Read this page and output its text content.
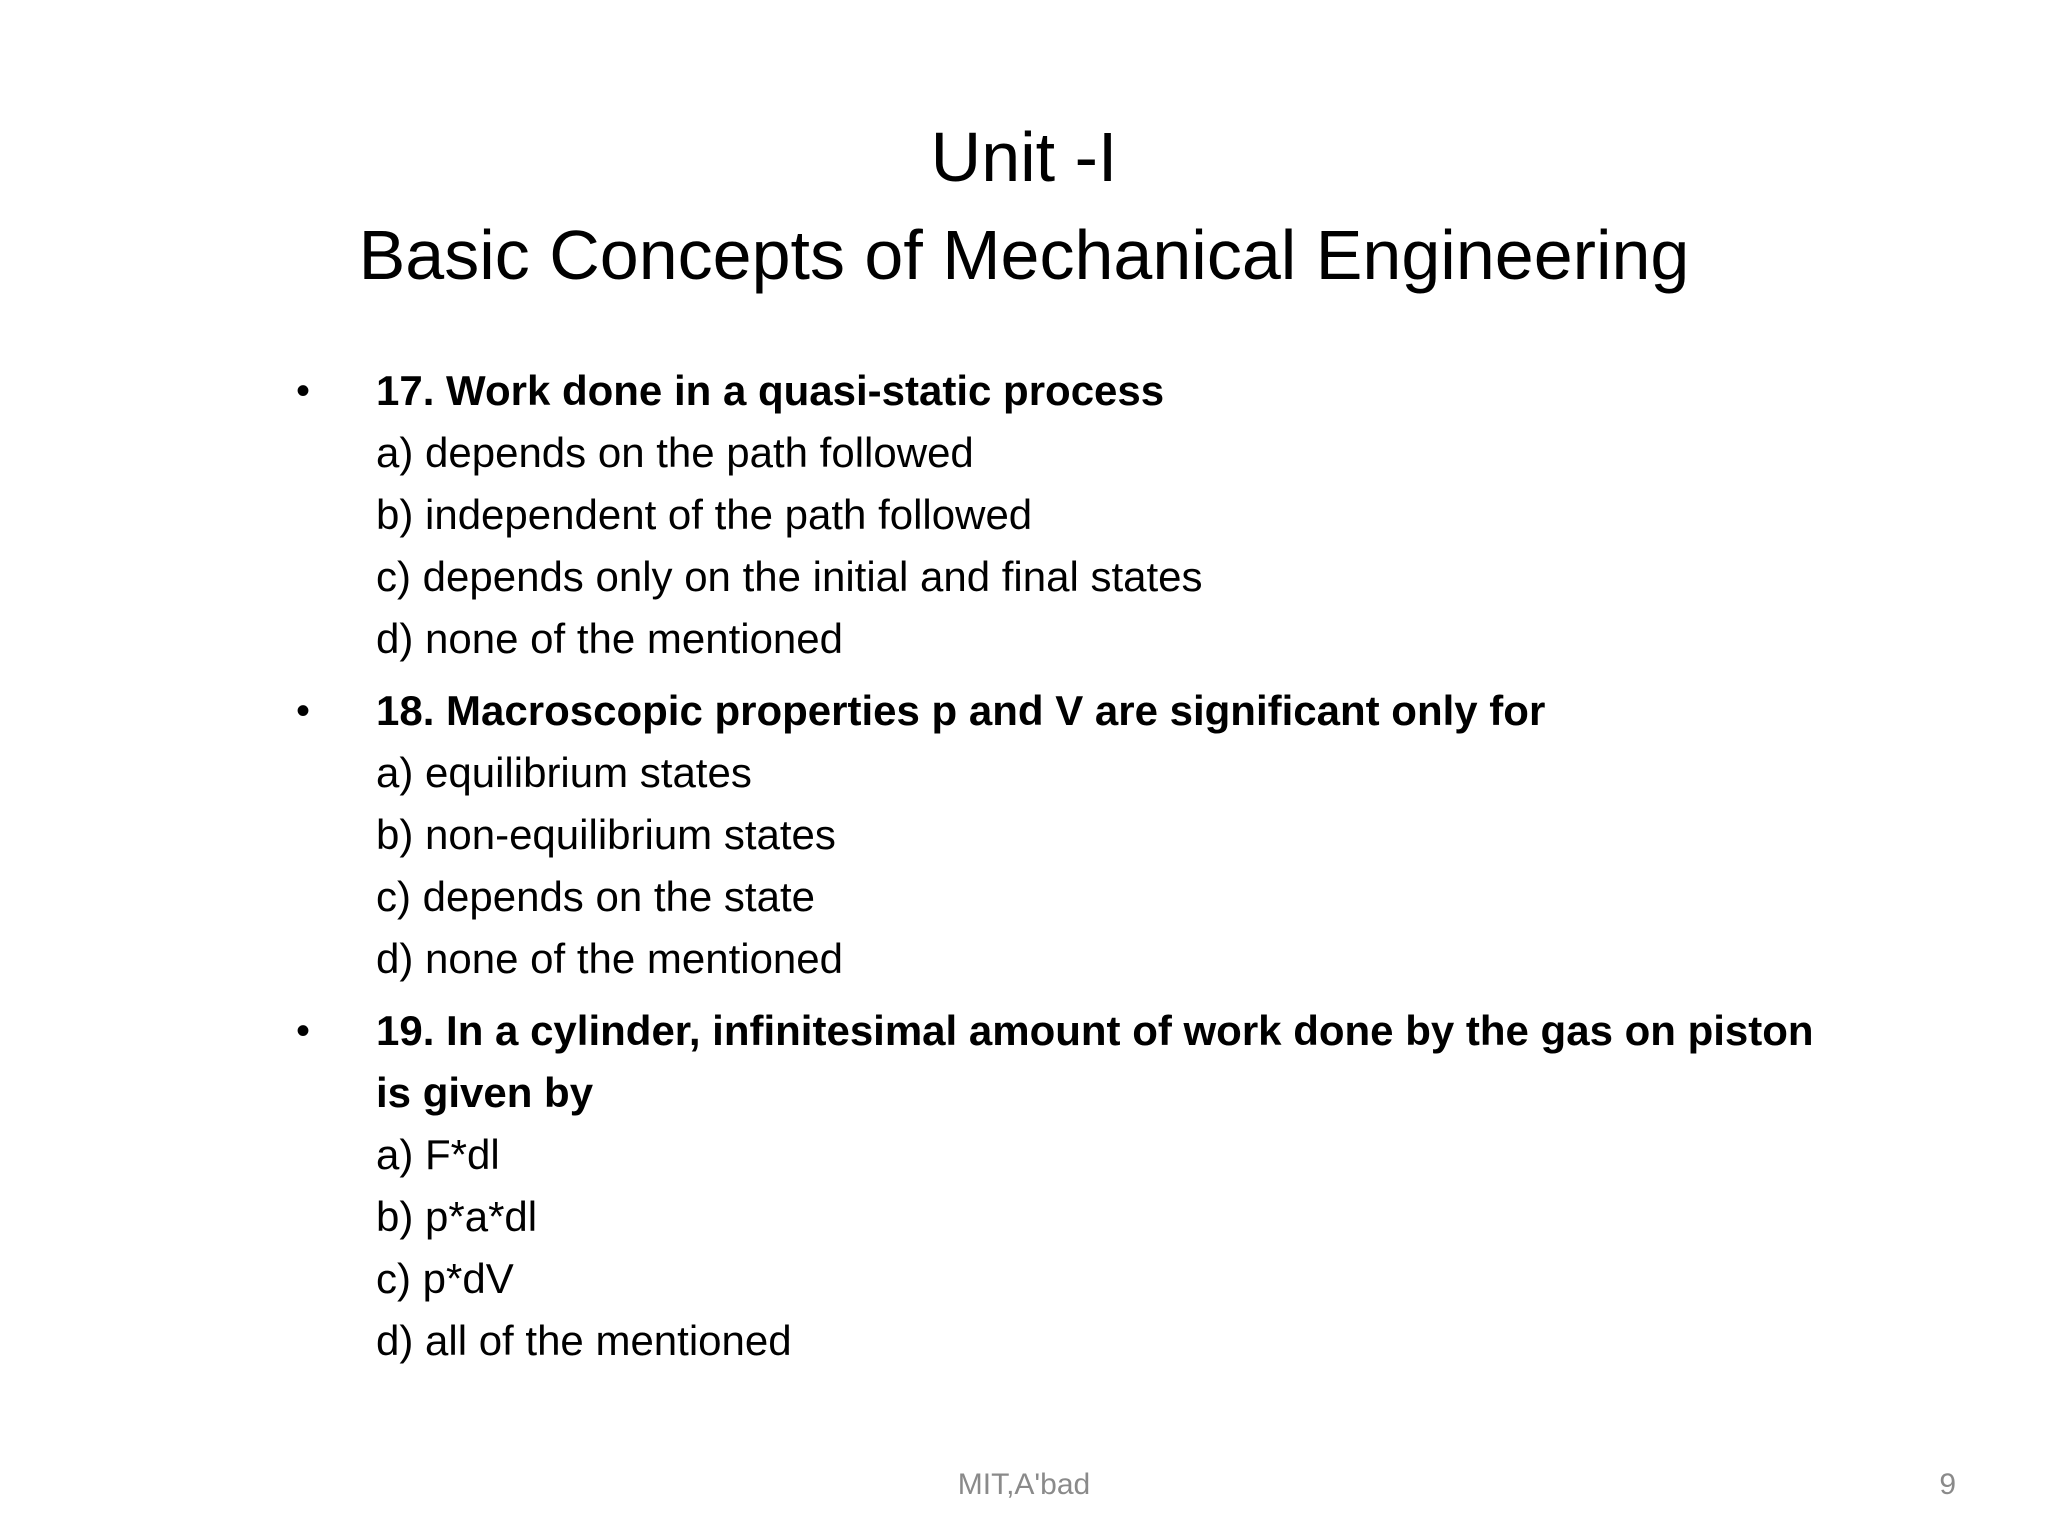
Unit -I
Basic Concepts of Mechanical Engineering
• 17. Work done in a quasi-static process
a) depends on the path followed
b) independent of the path followed
c) depends only on the initial and final states
d) none of the mentioned
• 18. Macroscopic properties p and V are significant only for
a) equilibrium states
b) non-equilibrium states
c) depends on the state
d) none of the mentioned
• 19. In a cylinder, infinitesimal amount of work done by the gas on piston is given by
a) F*dl
b) p*a*dl
c) p*dV
d) all of the mentioned
MIT,A'bad	9
